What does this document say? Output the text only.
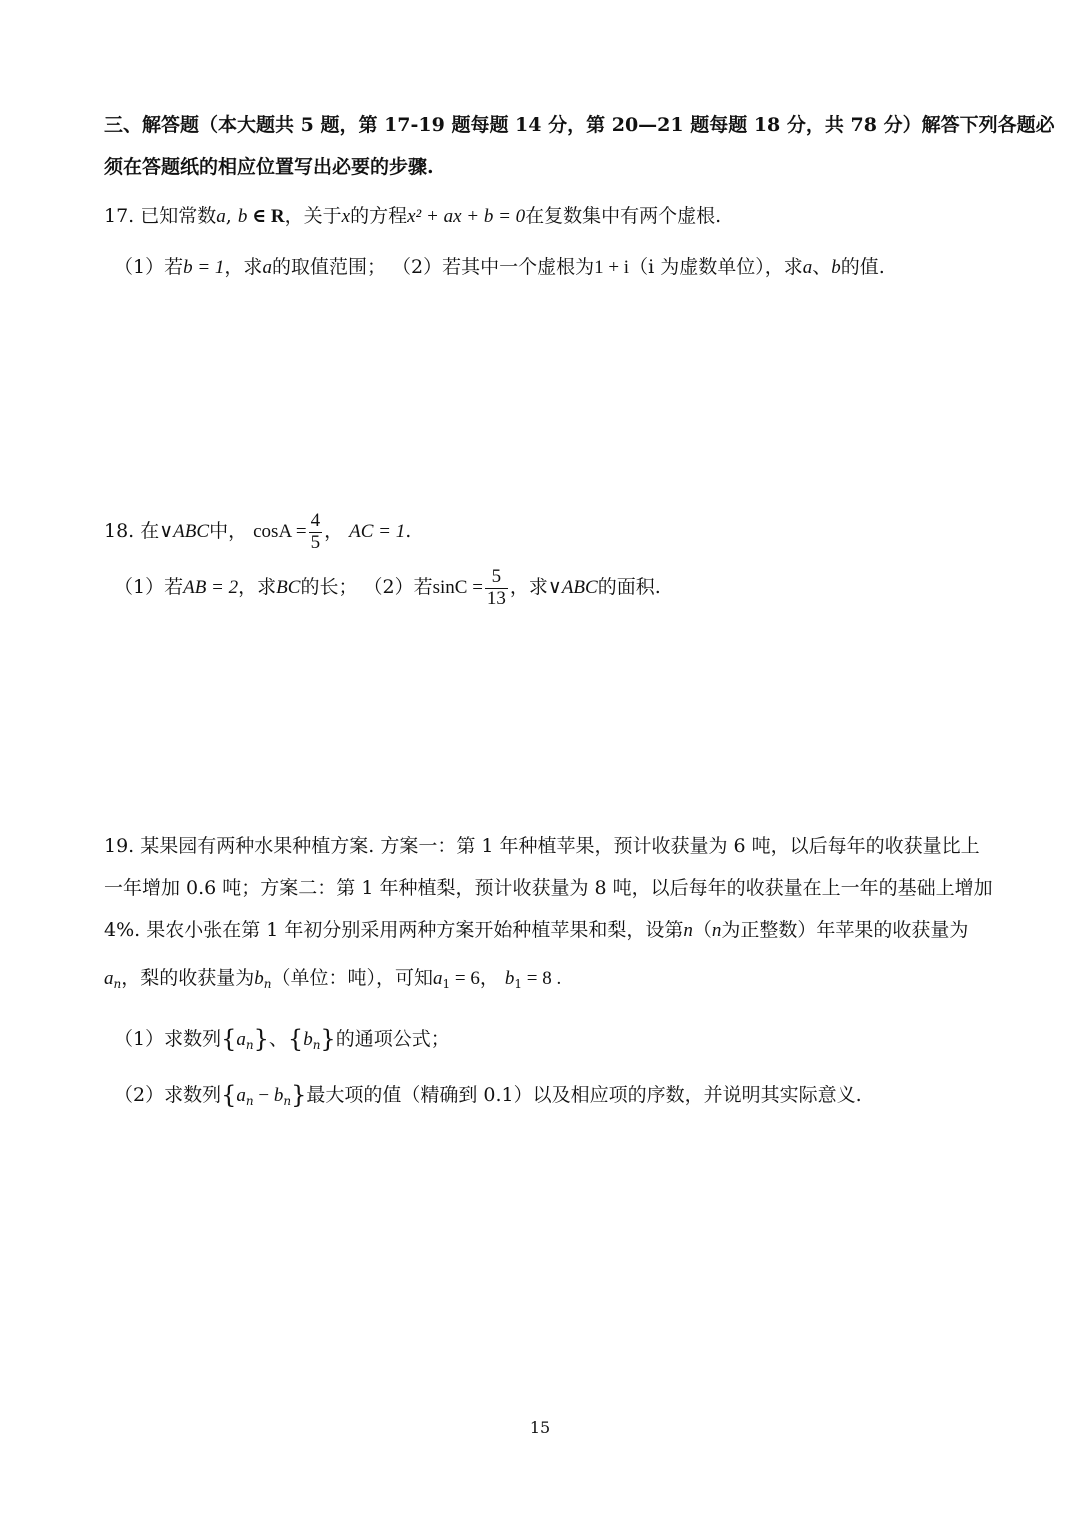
三、解答题（本大题共 5 题，第 17-19 题每题 14 分，第 20—21 题每题 18 分，共 78 分）解答下列各题必
须在答题纸的相应位置写出必要的步骤.
17. 已知常数a, b ∈ R，关于x的方程x² + ax + b = 0在复数集中有两个虚根.
（1）若b = 1，求a的取值范围； （2）若其中一个虚根为1 + i（i 为虚数单位），求a、b的值.
18. 在∨ABC中， $\cos A = \frac{4}{5}$ ， AC = 1.
（1）若AB = 2，求BC的长； （2）若$\sin C = \frac{5}{13}$ ，求∨ABC的面积.
19. 某果园有两种水果种植方案. 方案一：第 1 年种植苹果，预计收获量为 6 吨，以后每年的收获量比上
一年增加 0.6 吨；方案二：第 1 年种植梨，预计收获量为 8 吨，以后每年的收获量在上一年的基础上增加
4%. 果农小张在第 1 年初分别采用两种方案开始种植苹果和梨，设第n（n为正整数）年苹果的收获量为
$a_n$，梨的收获量为$b_n$（单位：吨），可知$a_1 = 6$， $b_1 = 8$ .
（1）求数列$\{a_n\}$、$\{b_n\}$的通项公式；
（2）求数列$\{a_n - b_n\}$最大项的值（精确到 0.1）以及相应项的序数，并说明其实际意义.
15
